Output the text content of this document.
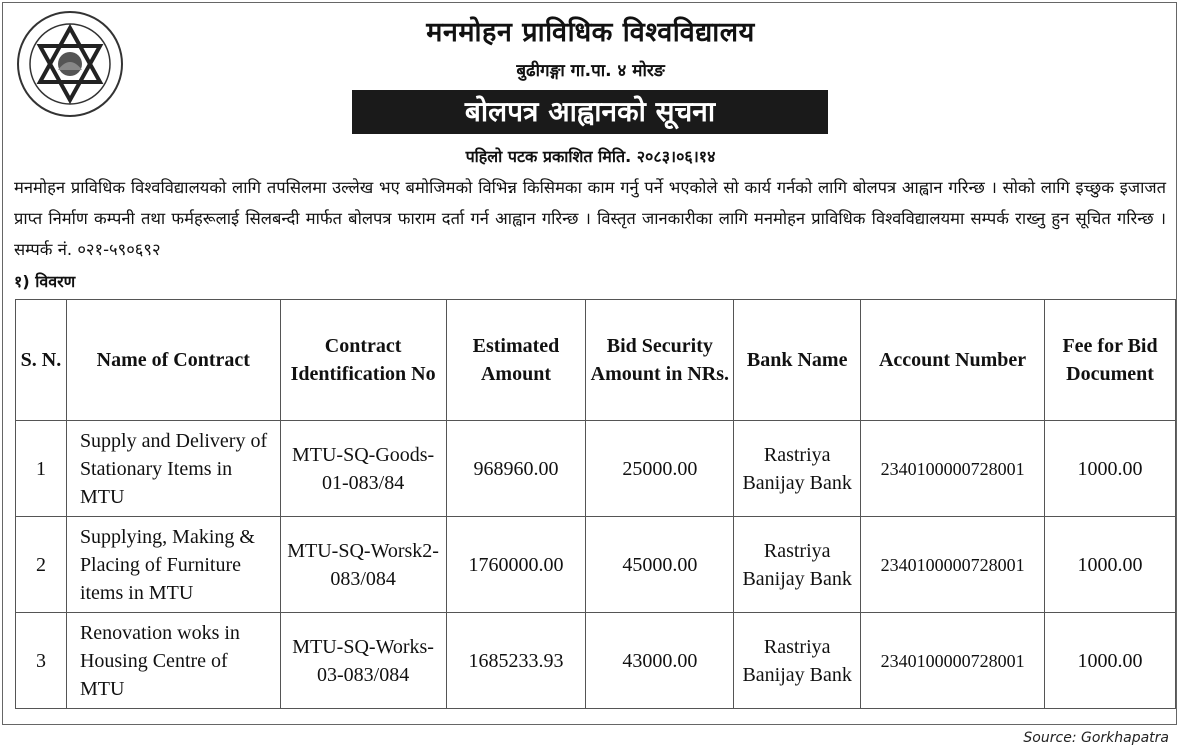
मनमोहन प्राविधिक विश्वविद्यालय
बुढीगङ्गा गा.पा. ४ मोरङ
बोलपत्र आह्वानको सूचना
पहिलो पटक प्रकाशित मिति. २०८३।०६।१४
मनमोहन प्राविधिक विश्वविद्यालयको लागि तपसिलमा उल्लेख भए बमोजिमको विभिन्न किसिमका काम गर्नु पर्ने भएकोले सो कार्य गर्नको लागि बोलपत्र आह्वान गरिन्छ । सोको लागि इच्छुक इजाजत प्राप्त निर्माण कम्पनी तथा फर्महरूलाई सिलबन्दी मार्फत बोलपत्र फाराम दर्ता गर्न आह्वान गरिन्छ । विस्तृत जानकारीका लागि मनमोहन प्राविधिक विश्वविद्यालयमा सम्पर्क राख्नु हुन सूचित गरिन्छ । सम्पर्क नं. ०२१-५९०६९२
१) विवरण
S. N.	Name of Contract	Contract Identification No	Estimated Amount	Bid Security Amount in NRs.	Bank Name	Account Number	Fee for Bid Document
1	Supply and Delivery of Stationary Items in MTU	MTU-SQ-Goods-01-083/84	968960.00	25000.00	Rastriya Banijay Bank	2340100000728001	1000.00
2	Supplying, Making & Placing of Furniture items in MTU	MTU-SQ-Worsk2-083/084	1760000.00	45000.00	Rastriya Banijay Bank	2340100000728001	1000.00
3	Renovation woks in Housing Centre of MTU	MTU-SQ-Works-03-083/084	1685233.93	43000.00	Rastriya Banijay Bank	2340100000728001	1000.00
Source: Gorkhapatra
